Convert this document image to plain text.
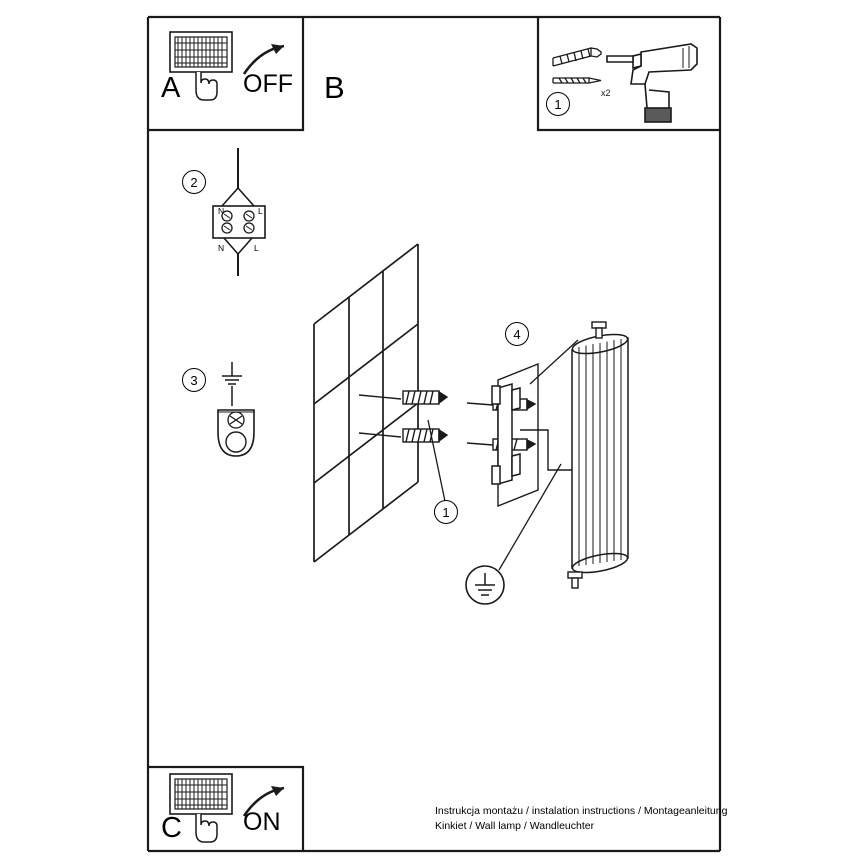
A	OFF B	x2
1
2
N	L
N	L
3
1
4
C ON	Instrukcja montażu / instalation instructions / Montageanleitung
Kinkiet / Wall lamp / Wandleuchter
